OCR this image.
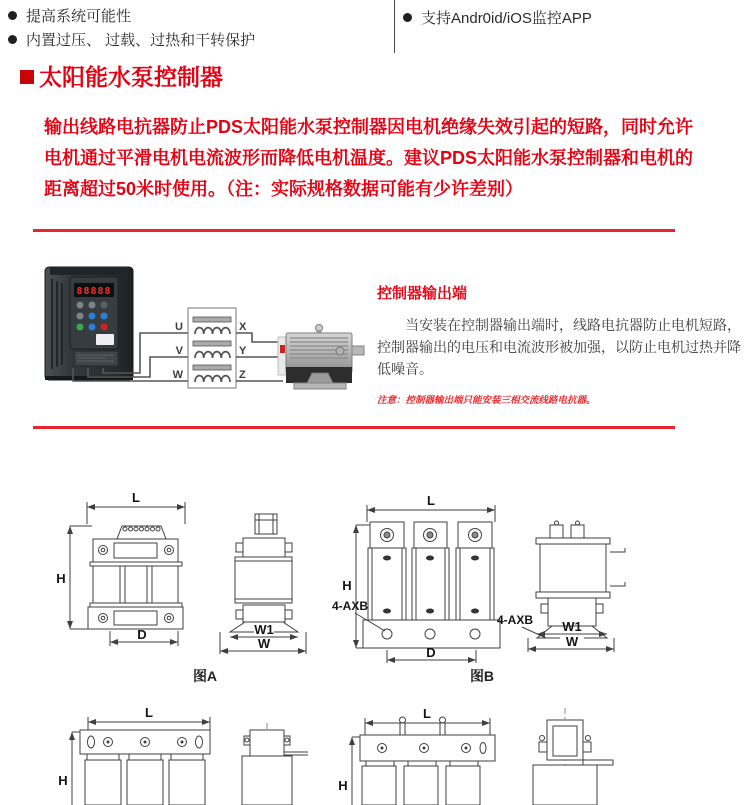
提高系统可能性
内置过压、 过载、过热和干转保护
支持Andr0id/iOS监控APP
太阳能水泵控制器
输出线路电抗器防止PDS太阳能水泵控制器因电机绝缘失效引起的短路，同时允许
电机通过平滑电机电流波形而降低电机温度。建议PDS太阳能水泵控制器和电机的
距离超过50米时使用。（注：实际规格数据可能有少许差别）
88888
U
V
W
X
Y
Z
控制器输出端
当安装在控制器输出端时，线路电抗器防止电机短路，
控制器输出的电压和电流波形被加强，以防止电机过热并降
低噪音。
注意：控制器输出端只能安装三相交流线路电抗器。
L
H
D	W1
W
图A
L
H
D
4-AXB
W1
W
4-AXB
图B
L
H
L
H
